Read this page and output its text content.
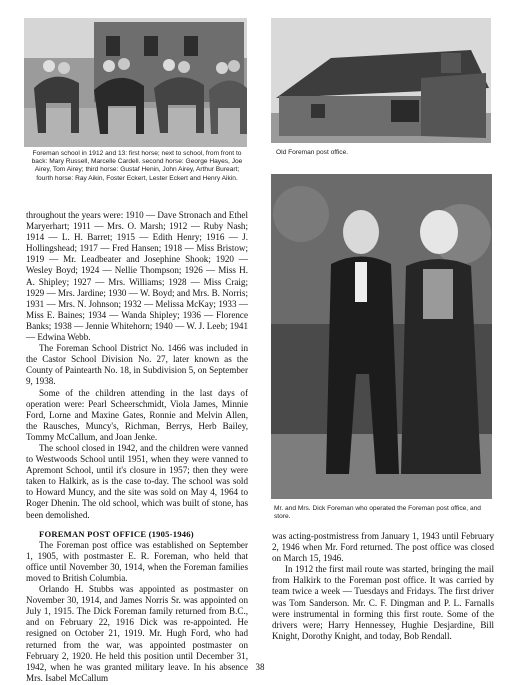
Foreman school in 1912 and 13: first horse; next to school, from front to back: Mary Russell, Marcelle Cardell. second horse: George Hayes, Joe Airey, Tom Airey; third horse: Gustaf Henin, John Airey, Arthur Bureart; fourth horse: Ray Aikin, Foster Eckert, Lester Eckert and Henry Aikin.
Old Foreman post office.
Mr. and Mrs. Dick Foreman who operated the Foreman post office, and store.

throughout the years were: 1910 — Dave Stronach and Ethel Maryerhart; 1911 — Mrs. O. Marsh; 1912 — Ruby Nash; 1914 — L. H. Barret; 1915 — Edith Henry; 1916 — J. Hollingshead; 1917 — Fred Hansen; 1918 — Miss Bristow; 1919 — Mr. Leadbeater and Josephine Shook; 1920 — Wesley Boyd; 1924 — Nellie Thompson; 1926 — Miss H. A. Shipley; 1927 — Mrs. Williams; 1928 — Miss Craig; 1929 — Mrs. Jardine; 1930 — W. Boyd; and Mrs. B. Norris; 1931 — Mrs. N. Johnson; 1932 — Melissa McKay; 1933 — Miss E. Baines; 1934 — Wanda Shipley; 1936 — Florence Banks; 1938 — Jennie Whitehorn; 1940 — W. J. Leeb; 1941 — Edwina Webb.

The Foreman School District No. 1466 was included in the Castor School Division No. 27, later known as the County of Paintearth No. 18, in Subdivision 5, on September 9, 1938.

Some of the children attending in the last days of operation were: Pearl Scheerschmidt, Viola James, Minnie Ford, Lorne and Maxine Gates, Ronnie and Melvin Allen, the Rausches, Muncy's, Richman, Berrys, Herb Bailey, Tommy McCallum, and Joan Jenke.

The school closed in 1942, and the children were vanned to Westwoods School until 1951, when they were vanned to Apremont School, until it's closure in 1957; then they were taken to Halkirk, as is the case to-day. The school was sold to Howard Muncy, and the site was sold on May 4, 1964 to Roger Dhenin. The old school, which was built of stone, has been demolished.

FOREMAN POST OFFICE (1905-1946)

The Foreman post office was established on September 1, 1905, with postmaster E. R. Foreman, who held that office until November 30, 1914, when the Foreman families moved to British Columbia.

Orlando H. Stubbs was appointed as postmaster on November 30, 1914, and James Norris Sr. was appointed on July 1, 1915. The Dick Foreman family returned from B.C., and on February 22, 1916 Dick was re-appointed. He resigned on October 21, 1919. Mr. Hugh Ford, who had returned from the war, was appointed postmaster on February 2, 1920. He held this position until December 31, 1942, when he was granted military leave. In his absence Mrs. Isabel McCallum

was acting-postmistress from January 1, 1943 until February 2, 1946 when Mr. Ford returned. The post office was closed on March 15, 1946.

In 1912 the first mail route was started, bringing the mail from Halkirk to the Foreman post office. It was carried by team twice a week — Tuesdays and Fridays. The first driver was Tom Sanderson. Mr. C. F. Dingman and P. L. Farnalls were instrumental in forming this first route. Some of the drivers were; Harry Hennessey, Hughie Desjardine, Bill Knight, Dorothy Knight, and today, Bob Rendall.

38
